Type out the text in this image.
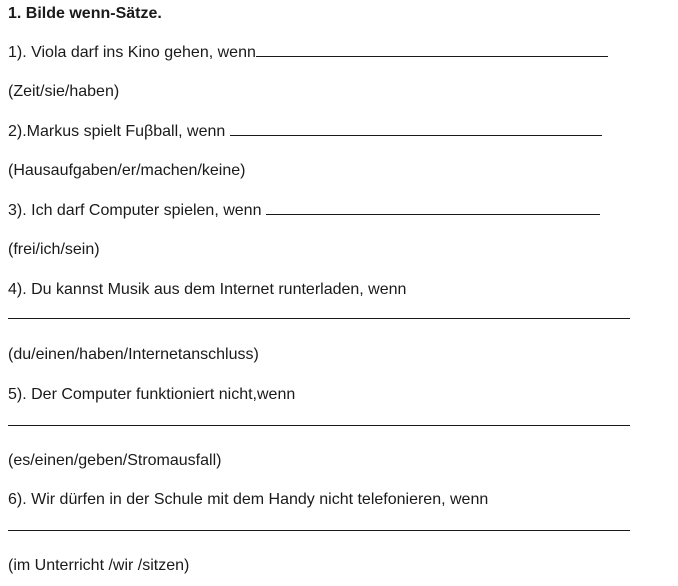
1. Bilde wenn-Sätze.
1). Viola darf ins Kino gehen, wenn
(Zeit/sie/haben)
2).Markus spielt Fuβball, wenn
(Hausaufgaben/er/machen/keine)
3). Ich darf Computer spielen, wenn
(frei/ich/sein)
4). Du kannst Musik aus dem Internet runterladen, wenn
(du/einen/haben/Internetanschluss)
5). Der Computer funktioniert nicht,wenn
(es/einen/geben/Stromausfall)
6). Wir dürfen in der Schule mit dem Handy nicht telefonieren, wenn
(im Unterricht /wir /sitzen)
